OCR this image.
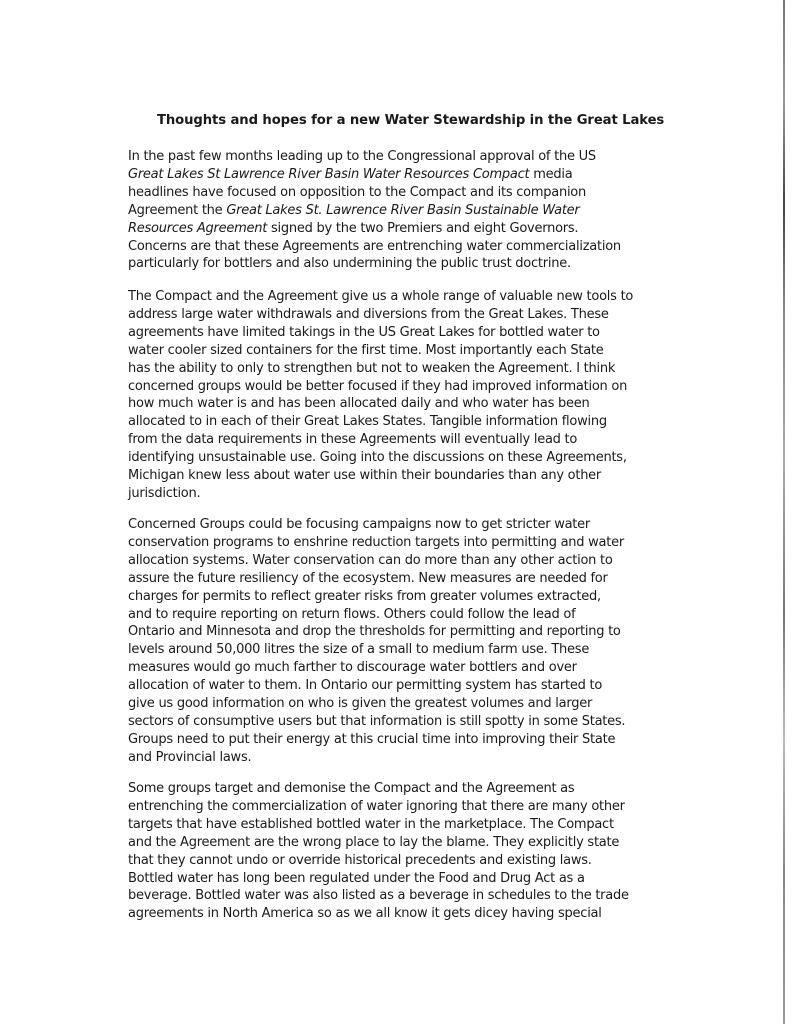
Thoughts and hopes for a new Water Stewardship in the Great Lakes
In the past few months leading up to the Congressional approval of the US
Great Lakes St Lawrence River Basin Water Resources Compact media
headlines have focused on opposition to the Compact and its companion
Agreement the Great Lakes St. Lawrence River Basin Sustainable Water
Resources Agreement signed by the two Premiers and eight Governors.
Concerns are that these Agreements are entrenching water commercialization
particularly for bottlers and also undermining the public trust doctrine.
The Compact and the Agreement give us a whole range of valuable new tools to
address large water withdrawals and diversions from the Great Lakes. These
agreements have limited takings in the US Great Lakes for bottled water to
water cooler sized containers for the first time. Most importantly each State
has the ability to only to strengthen but not to weaken the Agreement. I think
concerned groups would be better focused if they had improved information on
how much water is and has been allocated daily and who water has been
allocated to in each of their Great Lakes States. Tangible information flowing
from the data requirements in these Agreements will eventually lead to
identifying unsustainable use. Going into the discussions on these Agreements,
Michigan knew less about water use within their boundaries than any other
jurisdiction.
Concerned Groups could be focusing campaigns now to get stricter water
conservation programs to enshrine reduction targets into permitting and water
allocation systems. Water conservation can do more than any other action to
assure the future resiliency of the ecosystem. New measures are needed for
charges for permits to reflect greater risks from greater volumes extracted,
and to require reporting on return flows. Others could follow the lead of
Ontario and Minnesota and drop the thresholds for permitting and reporting to
levels around 50,000 litres the size of a small to medium farm use. These
measures would go much farther to discourage water bottlers and over
allocation of water to them. In Ontario our permitting system has started to
give us good information on who is given the greatest volumes and larger
sectors of consumptive users but that information is still spotty in some States.
Groups need to put their energy at this crucial time into improving their State
and Provincial laws.
Some groups target and demonise the Compact and the Agreement as
entrenching the commercialization of water ignoring that there are many other
targets that have established bottled water in the marketplace. The Compact
and the Agreement are the wrong place to lay the blame. They explicitly state
that they cannot undo or override historical precedents and existing laws.
Bottled water has long been regulated under the Food and Drug Act as a
beverage. Bottled water was also listed as a beverage in schedules to the trade
agreements in North America so as we all know it gets dicey having special
